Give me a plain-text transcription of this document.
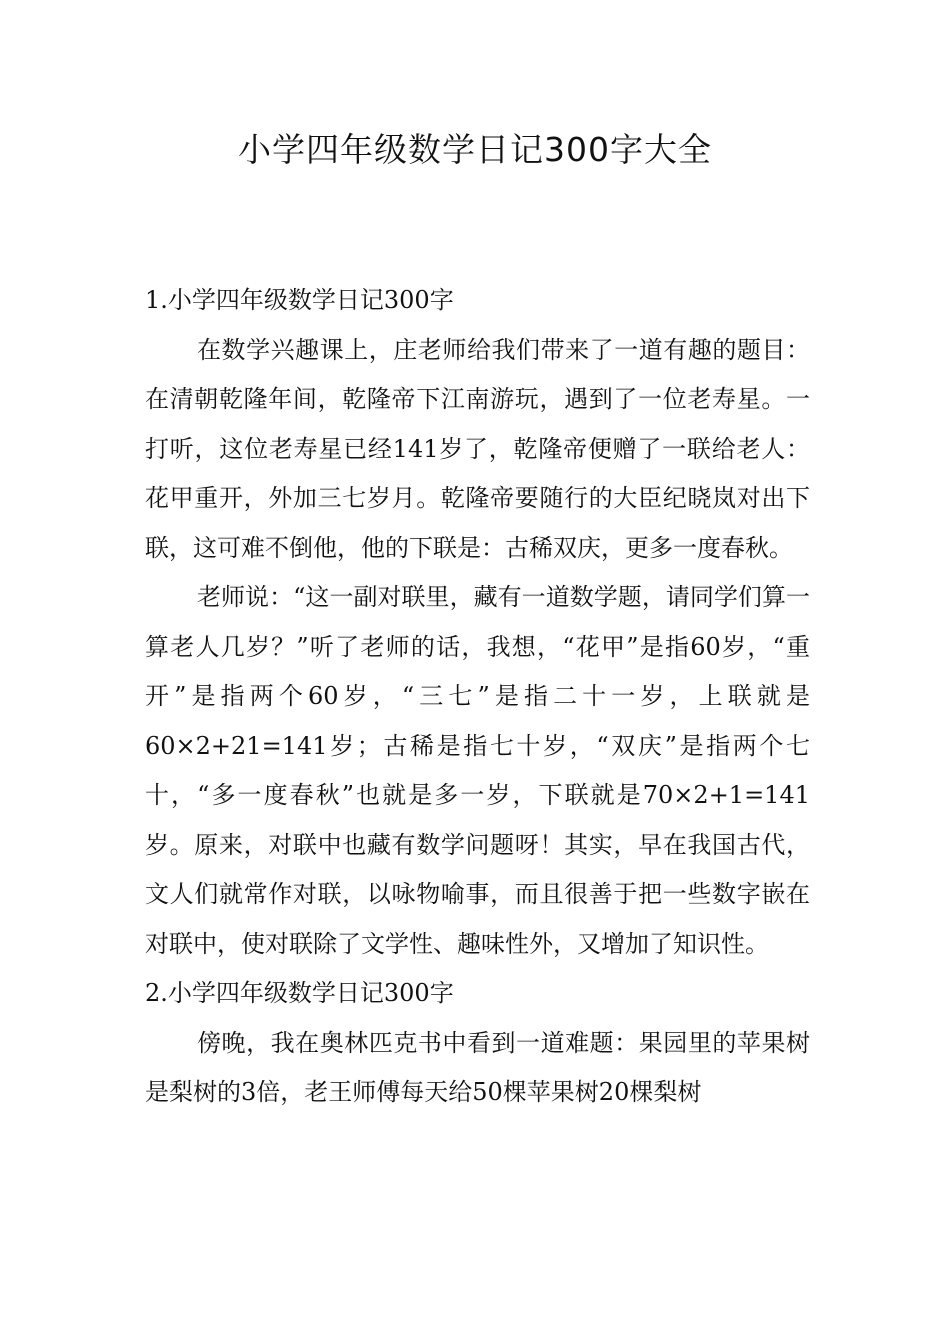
小学四年级数学日记300字大全

1.小学四年级数学日记300字

在数学兴趣课上，庄老师给我们带来了一道有趣的题目：在清朝乾隆年间，乾隆帝下江南游玩，遇到了一位老寿星。一打听，这位老寿星已经141岁了，乾隆帝便赠了一联给老人：花甲重开，外加三七岁月。乾隆帝要随行的大臣纪晓岚对出下联，这可难不倒他，他的下联是：古稀双庆，更多一度春秋。

老师说：“这一副对联里，藏有一道数学题，请同学们算一算老人几岁？”听了老师的话，我想，“花甲”是指60岁，“重开”是指两个60岁，“三七”是指二十一岁，上联就是60×2+21=141岁；古稀是指七十岁，“双庆”是指两个七十，“多一度春秋”也就是多一岁，下联就是70×2+1=141岁。原来，对联中也藏有数学问题呀！其实，早在我国古代，文人们就常作对联，以咏物喻事，而且很善于把一些数字嵌在对联中，使对联除了文学性、趣味性外，又增加了知识性。

2.小学四年级数学日记300字

傍晚，我在奥林匹克书中看到一道难题：果园里的苹果树是梨树的3倍，老王师傅每天给50棵苹果树20棵梨树
